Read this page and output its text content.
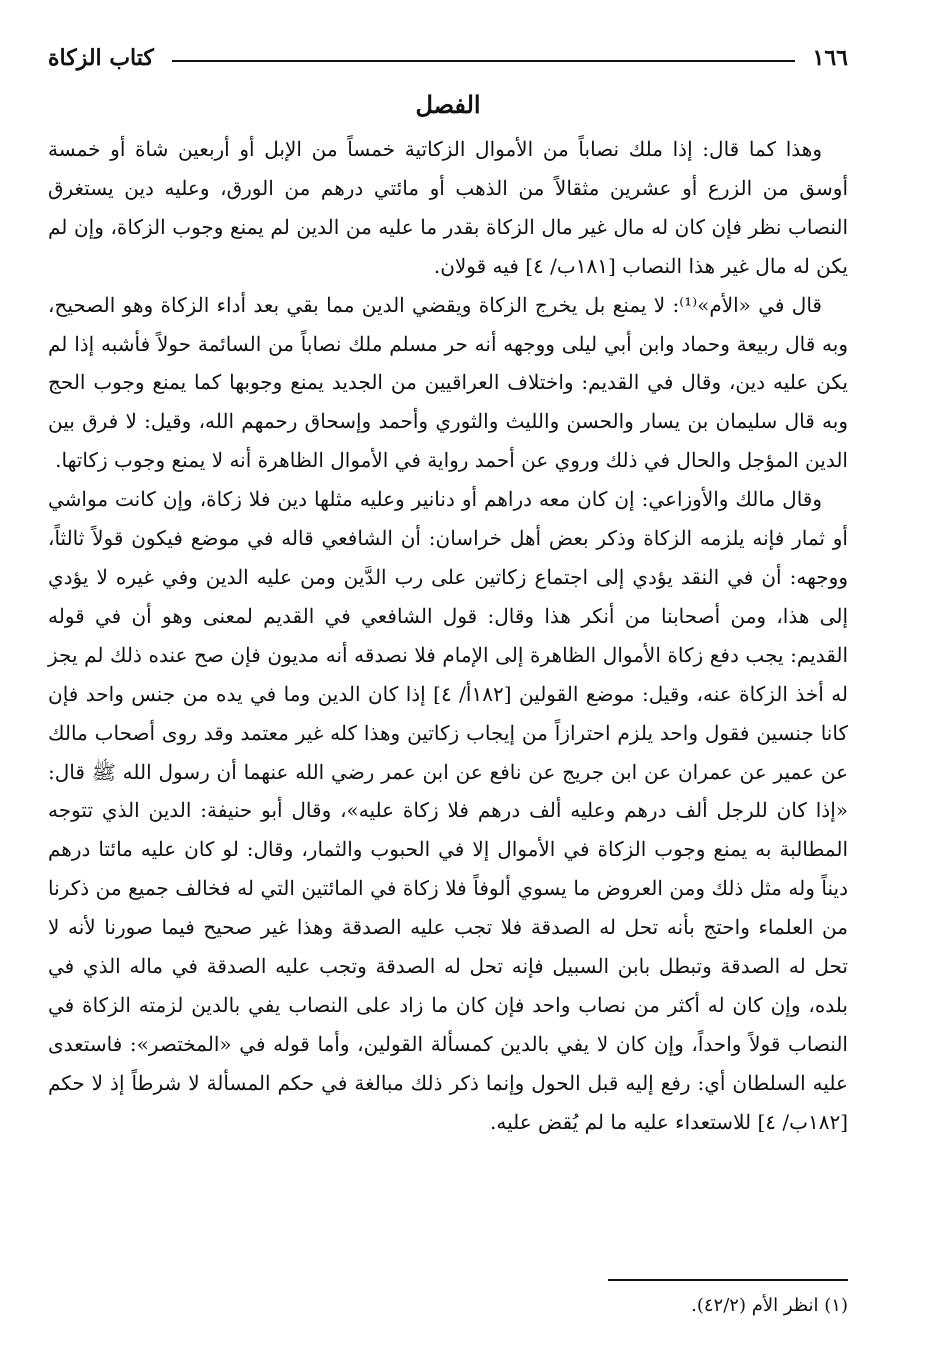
١٦٦
كتاب الزكاة
الفصل

وهذا كما قال: إذا ملك نصاباً من الأموال الزكاتية خمساً من الإبل أو أربعين شاة أو خمسة أوسق من الزرع أو عشرين مثقالاً من الذهب أو مائتي درهم من الورق، وعليه دين يستغرق النصاب نظر فإن كان له مال غير مال الزكاة بقدر ما عليه من الدين لم يمنع وجوب الزكاة، وإن لم يكن له مال غير هذا النصاب [١٨١ب/ ٤] فيه قولان.

قال في «الأم»⁽¹⁾: لا يمنع بل يخرج الزكاة ويقضي الدين مما بقي بعد أداء الزكاة وهو الصحيح، وبه قال ربيعة وحماد وابن أبي ليلى ووجهه أنه حر مسلم ملك نصاباً من السائمة حولاً فأشبه إذا لم يكن عليه دين، وقال في القديم: واختلاف العراقيين من الجديد يمنع وجوبها كما يمنع وجوب الحج وبه قال سليمان بن يسار والحسن والليث والثوري وأحمد وإسحاق رحمهم الله، وقيل: لا فرق بين الدين المؤجل والحال في ذلك وروي عن أحمد رواية في الأموال الظاهرة أنه لا يمنع وجوب زكاتها.

وقال مالك والأوزاعي: إن كان معه دراهم أو دنانير وعليه مثلها دين فلا زكاة، وإن كانت مواشي أو ثمار فإنه يلزمه الزكاة وذكر بعض أهل خراسان: أن الشافعي قاله في موضع فيكون قولاً ثالثاً، ووجهه: أن في النقد يؤدي إلى اجتماع زكاتين على رب الدَّين ومن عليه الدين وفي غيره لا يؤدي إلى هذا، ومن أصحابنا من أنكر هذا وقال: قول الشافعي في القديم لمعنى وهو أن في قوله القديم: يجب دفع زكاة الأموال الظاهرة إلى الإمام فلا نصدقه أنه مديون فإن صح عنده ذلك لم يجز له أخذ الزكاة عنه، وقيل: موضع القولين [١٨٢أ/ ٤] إذا كان الدين وما في يده من جنس واحد فإن كانا جنسين فقول واحد يلزم احترازاً من إيجاب زكاتين وهذا كله غير معتمد وقد روى أصحاب مالك عن عمير عن عمران عن ابن جريج عن نافع عن ابن عمر رضي الله عنهما أن رسول الله ﷺ قال: «إذا كان للرجل ألف درهم وعليه ألف درهم فلا زكاة عليه»، وقال أبو حنيفة: الدين الذي تتوجه المطالبة به يمنع وجوب الزكاة في الأموال إلا في الحبوب والثمار، وقال: لو كان عليه مائتا درهم ديناً وله مثل ذلك ومن العروض ما يسوي ألوفاً فلا زكاة في المائتين التي له فخالف جميع من ذكرنا من العلماء واحتج بأنه تحل له الصدقة فلا تجب عليه الصدقة وهذا غير صحيح فيما صورنا لأنه لا تحل له الصدقة وتبطل بابن السبيل فإنه تحل له الصدقة وتجب عليه الصدقة في ماله الذي في بلده، وإن كان له أكثر من نصاب واحد فإن كان ما زاد على النصاب يفي بالدين لزمته الزكاة في النصاب قولاً واحداً، وإن كان لا يفي بالدين كمسألة القولين، وأما قوله في «المختصر»: فاستعدى عليه السلطان أي: رفع إليه قبل الحول وإنما ذكر ذلك مبالغة في حكم المسألة لا شرطاً إذ لا حكم [١٨٢ب/ ٤] للاستعداء عليه ما لم يُقض عليه.

(١) انظر الأم (٤٢/٢).
